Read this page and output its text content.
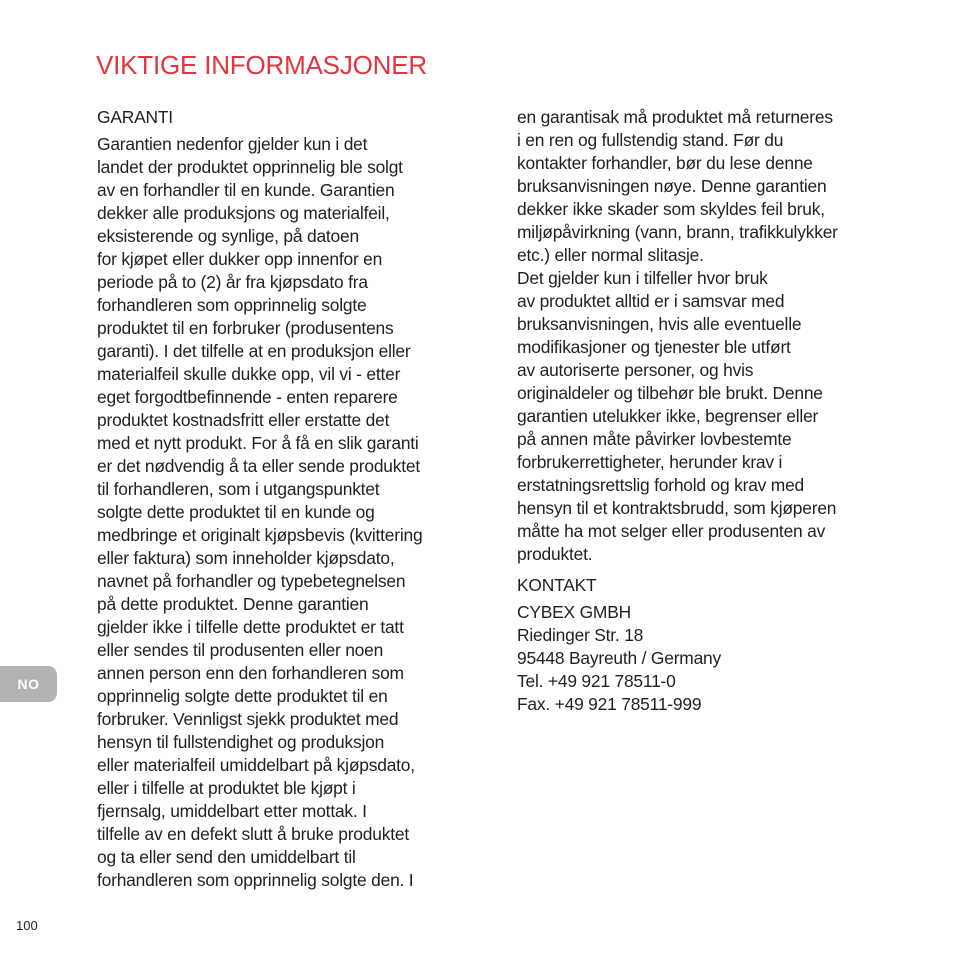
VIKTIGE INFORMASJONER
GARANTI
Garantien nedenfor gjelder kun i det
landet der produktet opprinnelig ble solgt
av en forhandler til en kunde. Garantien
dekker alle produksjons og materialfeil,
eksisterende og synlige, på datoen
for kjøpet eller dukker opp innenfor en
periode på to (2) år fra kjøpsdato fra
forhandleren som opprinnelig solgte
produktet til en forbruker (produsentens
garanti). I det tilfelle at en produksjon eller
materialfeil skulle dukke opp, vil vi - etter
eget forgodtbefinnende - enten reparere
produktet kostnadsfritt eller erstatte det
med et nytt produkt. For å få en slik garanti
er det nødvendig å ta eller sende produktet
til forhandleren, som i utgangspunktet
solgte dette produktet til en kunde og
medbringe et originalt kjøpsbevis (kvittering
eller faktura) som inneholder kjøpsdato,
navnet på forhandler og typebetegnelsen
på dette produktet. Denne garantien
gjelder ikke i tilfelle dette produktet er tatt
eller sendes til produsenten eller noen
annen person enn den forhandleren som
opprinnelig solgte dette produktet til en
forbruker. Vennligst sjekk produktet med
hensyn til fullstendighet og produksjon
eller materialfeil umiddelbart på kjøpsdato,
eller i tilfelle at produktet ble kjøpt i
fjernsalg, umiddelbart etter mottak. I
tilfelle av en defekt slutt å bruke produktet
og ta eller send den umiddelbart til
forhandleren som opprinnelig solgte den. I
en garantisak må produktet må returneres
i en ren og fullstendig stand. Før du
kontakter forhandler, bør du lese denne
bruksanvisningen nøye. Denne garantien
dekker ikke skader som skyldes feil bruk,
miljøpåvirkning (vann, brann, trafikkulykker
etc.) eller normal slitasje.
Det gjelder kun i tilfeller hvor bruk
av produktet alltid er i samsvar med
bruksanvisningen, hvis alle eventuelle
modifikasjoner og tjenester ble utført
av autoriserte personer, og hvis
originaldeler og tilbehør ble brukt. Denne
garantien utelukker ikke, begrenser eller
på annen måte påvirker lovbestemte
forbrukerrettigheter, herunder krav i
erstatningsrettslig forhold og krav med
hensyn til et kontraktsbrudd, som kjøperen
måtte ha mot selger eller produsenten av
produktet.
KONTAKT
CYBEX GMBH
Riedinger Str. 18
95448 Bayreuth / Germany
Tel. +49 921 78511-0
Fax. +49 921 78511-999
NO
100
